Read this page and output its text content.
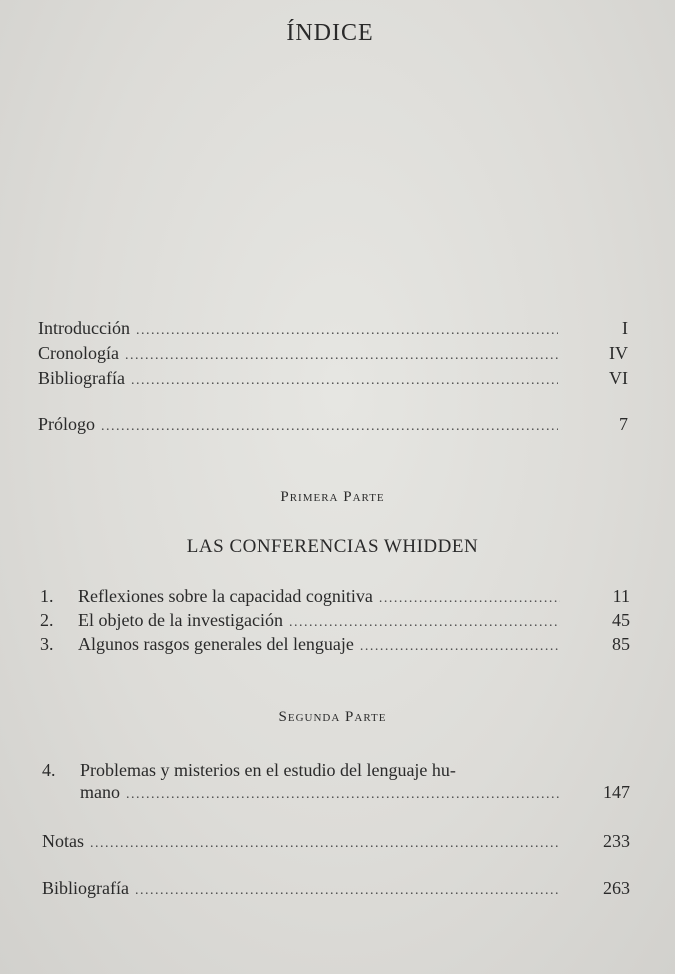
ÍNDICE
Introducción . . .	I
Cronología . . .	IV
Bibliografía . . .	VI
Prólogo . . .	7
Primera Parte
LAS CONFERENCIAS WHIDDEN
1.	Reflexiones sobre la capacidad cognitiva . . .	11
2.	El objeto de la investigación . . .	45
3.	Algunos rasgos generales del lenguaje . . .	85
Segunda Parte
4. Problemas y misterios en el estudio del lenguaje hu-
mano . . .	147
Notas . . .	233
Bibliografía . . .	263
